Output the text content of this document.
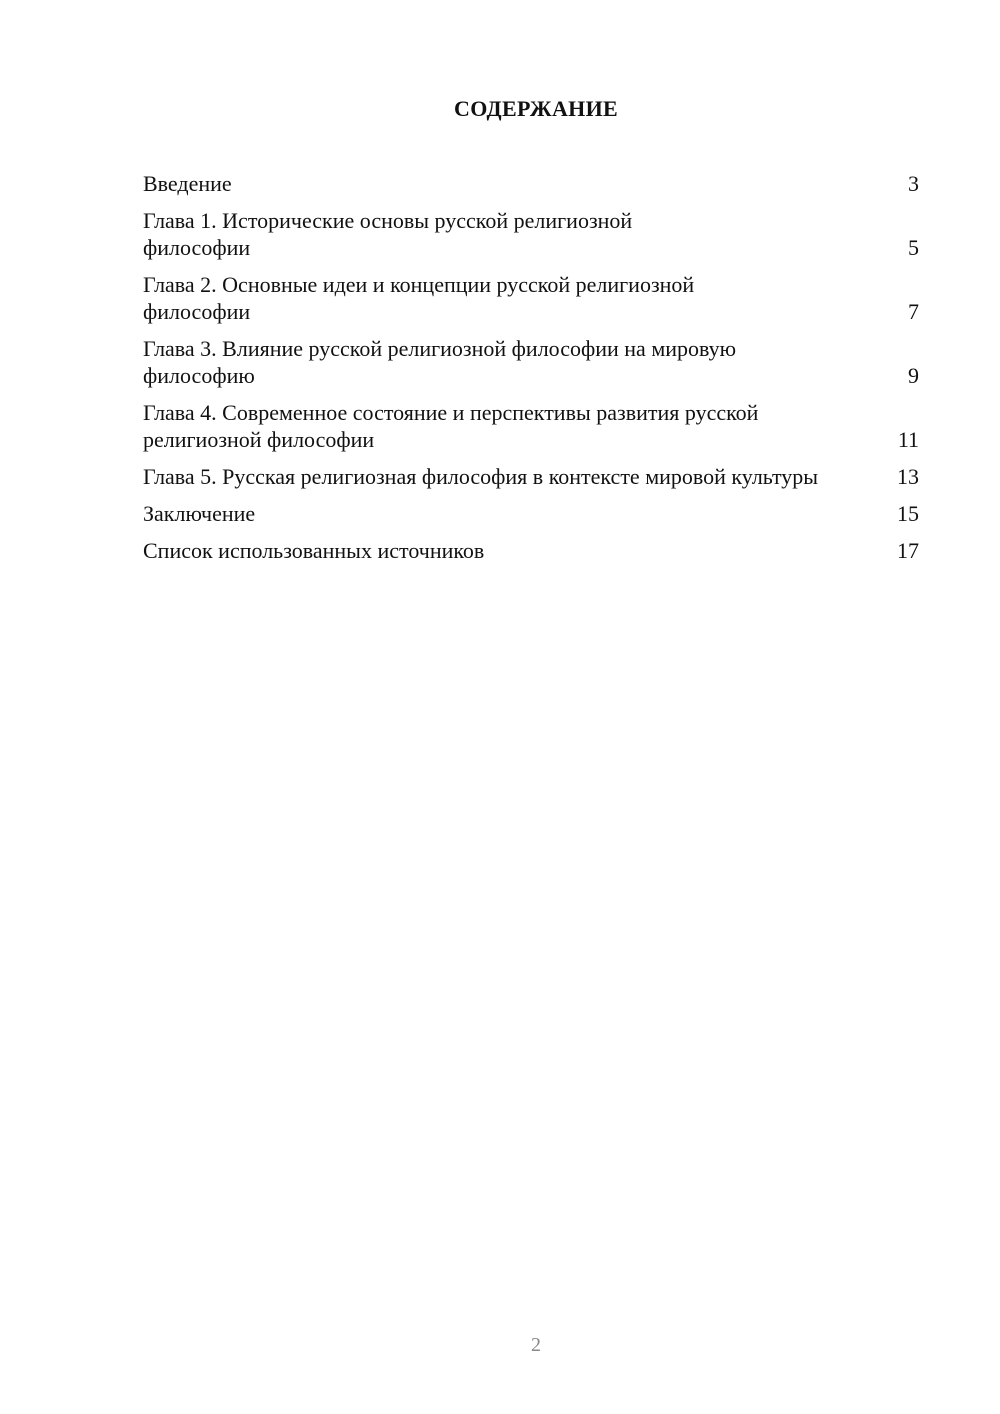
СОДЕРЖАНИЕ
Введение	3
Глава 1. Исторические основы русской религиозной философии	5
Глава 2. Основные идеи и концепции русской религиозной философии	7
Глава 3. Влияние русской религиозной философии на мировую философию	9
Глава 4. Современное состояние и перспективы развития русской религиозной философии	11
Глава 5. Русская религиозная философия в контексте мировой культуры	13
Заключение	15
Список использованных источников	17
2
